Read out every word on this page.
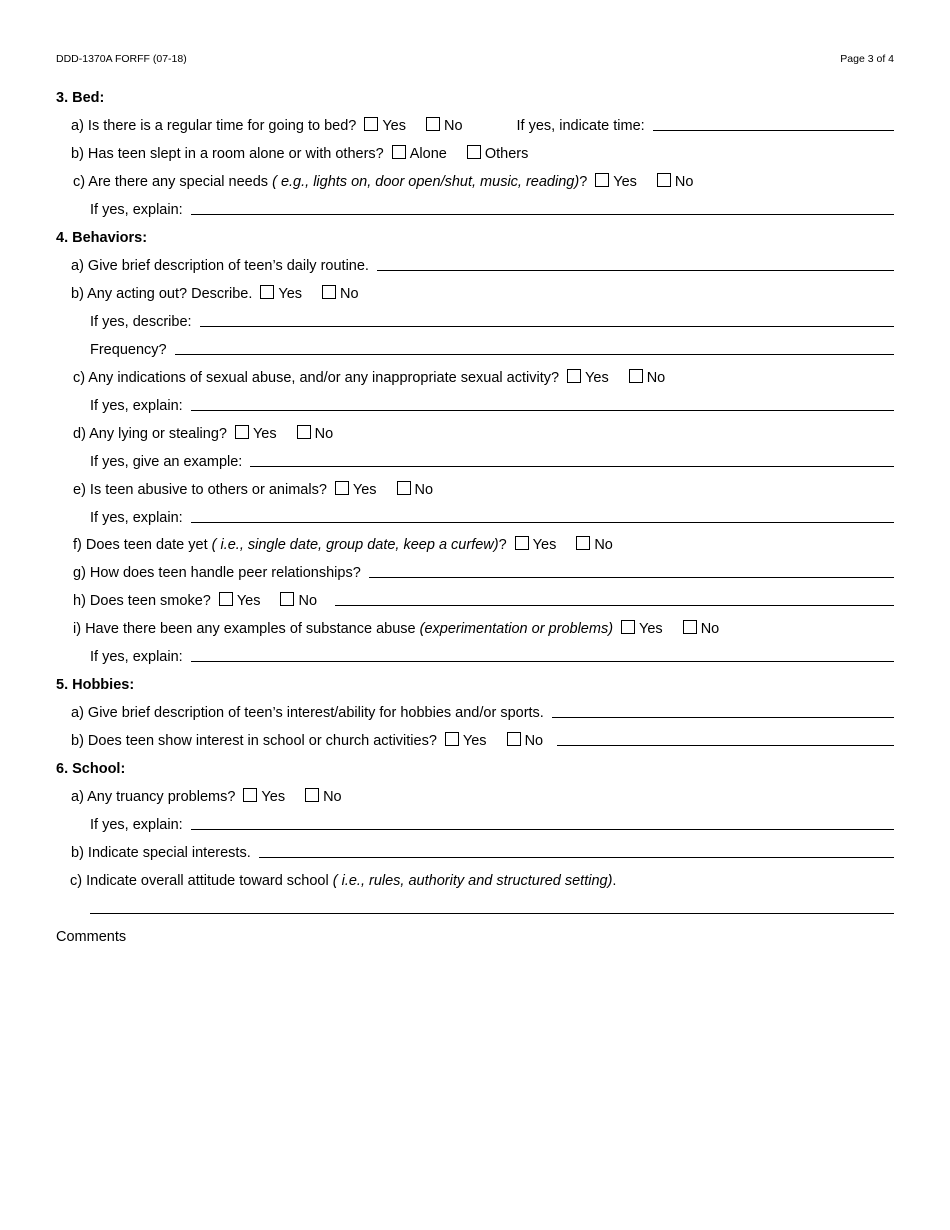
DDD-1370A FORFF (07-18)	Page 3 of 4
3. Bed:
a) Is there is a regular time for going to bed? Yes	No	If yes, indicate time:
b) Has teen slept in a room alone or with others? Alone	Others
c) Are there any special needs ( e.g., lights on, door open/shut, music, reading)? Yes	No
If yes, explain:
4. Behaviors:
a) Give brief description of teen’s daily routine.
b) Any acting out? Describe. Yes	No
If yes, describe:
Frequency?
c) Any indications of sexual abuse, and/or any inappropriate sexual activity? Yes	No
If yes, explain:
d) Any lying or stealing? Yes	No
If yes, give an example:
e) Is teen abusive to others or animals? Yes	No
If yes, explain:
f) Does teen date yet ( i.e., single date, group date, keep a curfew)? Yes	No
g) How does teen handle peer relationships?
h) Does teen smoke? Yes	No
i) Have there been any examples of substance abuse (experimentation or problems) Yes	No
If yes, explain:
5. Hobbies:
a) Give brief description of teen’s interest/ability for hobbies and/or sports.
b) Does teen show interest in school or church activities? Yes	No
6. School:
a) Any truancy problems? Yes	No
If yes, explain:
b) Indicate special interests.
c) Indicate overall attitude toward school ( i.e., rules, authority and structured setting).
Comments
